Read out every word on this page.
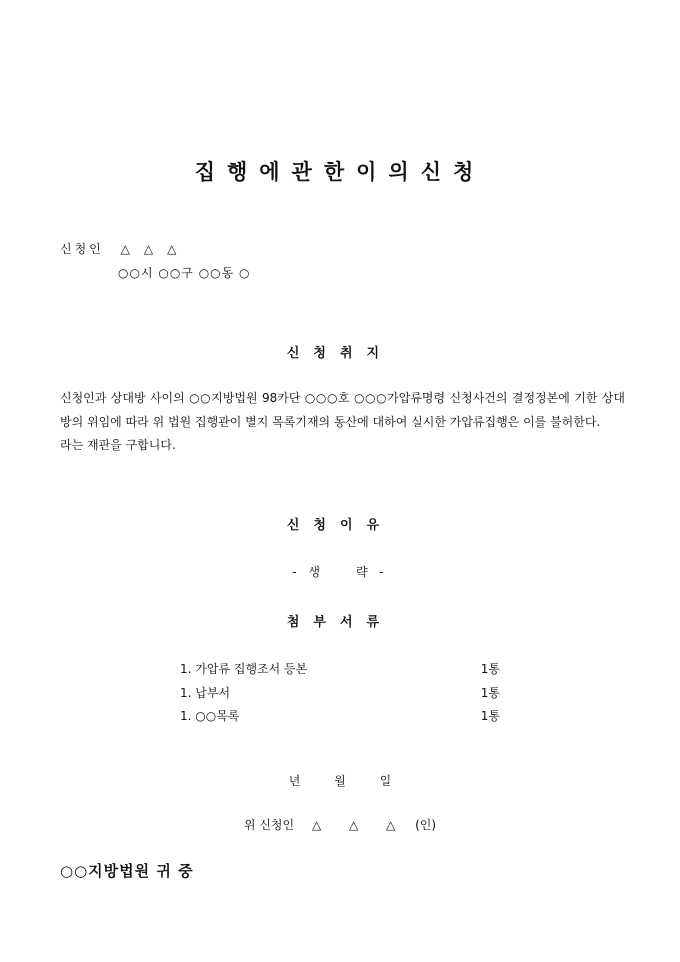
집행에관한이의신청
신청인 △△△
○○시 ○○구 ○○동 ○
신청취지

신청인과 상대방 사이의 ○○지방법원 98카단 ○○○호 ○○○가압류명령 신청사건의 결정정본에 기한 상대방의 위임에 따라 위 법원 집행관이 별지 목록기재의 동산에 대하여 실시한 가압류집행은 이를 불허한다.

라는 재판을 구합니다.

신청이유
- 생	략 -
첨부서류
1. 가압류 집행조서 등본	1통
1. 납부서	1통
1. ○○목록	1통
년 월 일
위 신청인 △ △ △ (인)
○○지방법원 귀 중
